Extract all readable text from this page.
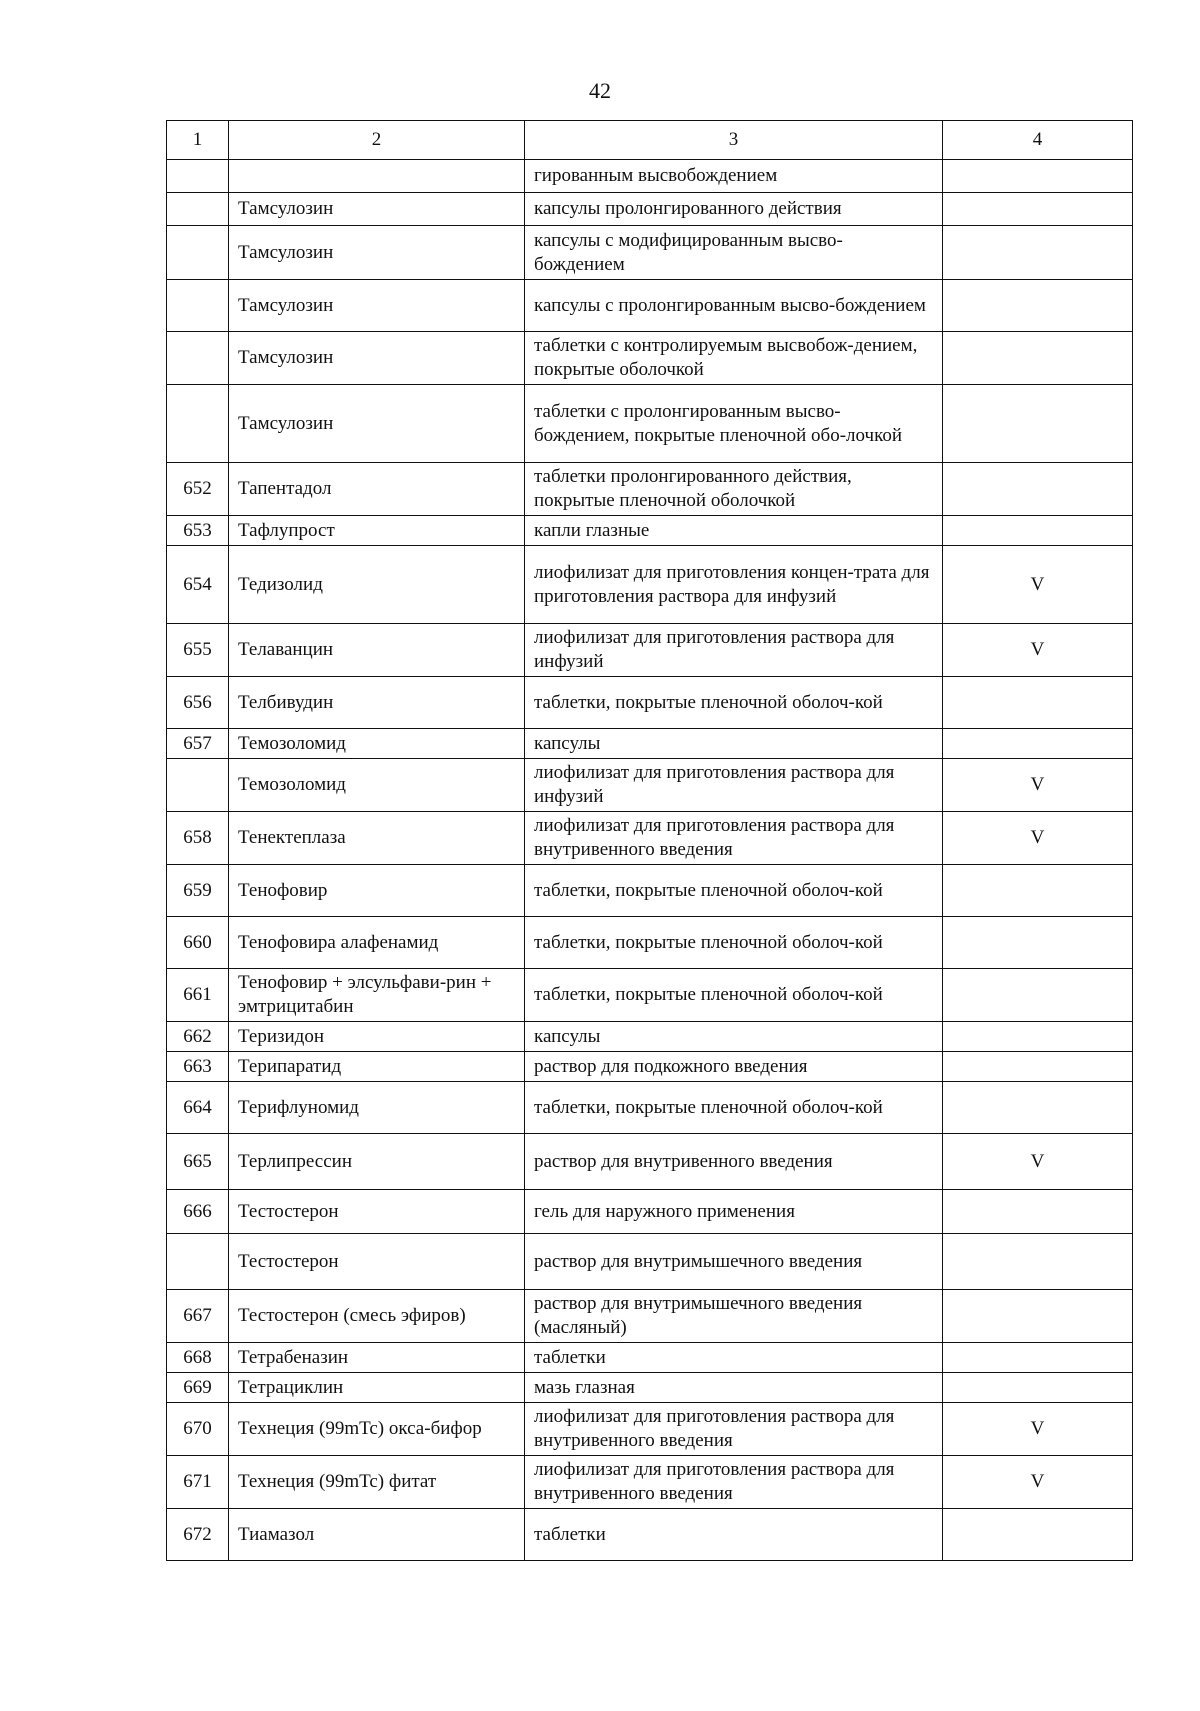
42
1	2	3	4
		гированным высвобождением	
	Тамсулозин	капсулы пролонгированного действия	
	Тамсулозин	капсулы с модифицированным высво-бождением	
	Тамсулозин	капсулы с пролонгированным высво-бождением	
	Тамсулозин	таблетки с контролируемым высвобож-дением, покрытые оболочкой	
	Тамсулозин	таблетки с пролонгированным высво-бождением, покрытые пленочной обо-лочкой	
652	Тапентадол	таблетки пролонгированного действия, покрытые пленочной оболочкой	
653	Тафлупрост	капли глазные	
654	Тедизолид	лиофилизат для приготовления концен-трата для приготовления раствора для инфузий	V
655	Телаванцин	лиофилизат для приготовления раствора для инфузий	V
656	Телбивудин	таблетки, покрытые пленочной оболоч-кой	
657	Темозоломид	капсулы	
	Темозоломид	лиофилизат для приготовления раствора для инфузий	V
658	Тенектеплаза	лиофилизат для приготовления раствора для внутривенного введения	V
659	Тенофовир	таблетки, покрытые пленочной оболоч-кой	
660	Тенофовира алафенамид	таблетки, покрытые пленочной оболоч-кой	
661	Тенофовир + элсульфави-рин + эмтрицитабин	таблетки, покрытые пленочной оболоч-кой	
662	Теризидон	капсулы	
663	Терипаратид	раствор для подкожного введения	
664	Терифлуномид	таблетки, покрытые пленочной оболоч-кой	
665	Терлипрессин	раствор для внутривенного введения	V
666	Тестостерон	гель для наружного применения	
	Тестостерон	раствор для внутримышечного введения	
667	Тестостерон (смесь эфиров)	раствор для внутримышечного введения (масляный)	
668	Тетрабеназин	таблетки	
669	Тетрациклин	мазь глазная	
670	Технеция (99mTc) окса-бифор	лиофилизат для приготовления раствора для внутривенного введения	V
671	Технеция (99mTc) фитат	лиофилизат для приготовления раствора для внутривенного введения	V
672	Тиамазол	таблетки	
